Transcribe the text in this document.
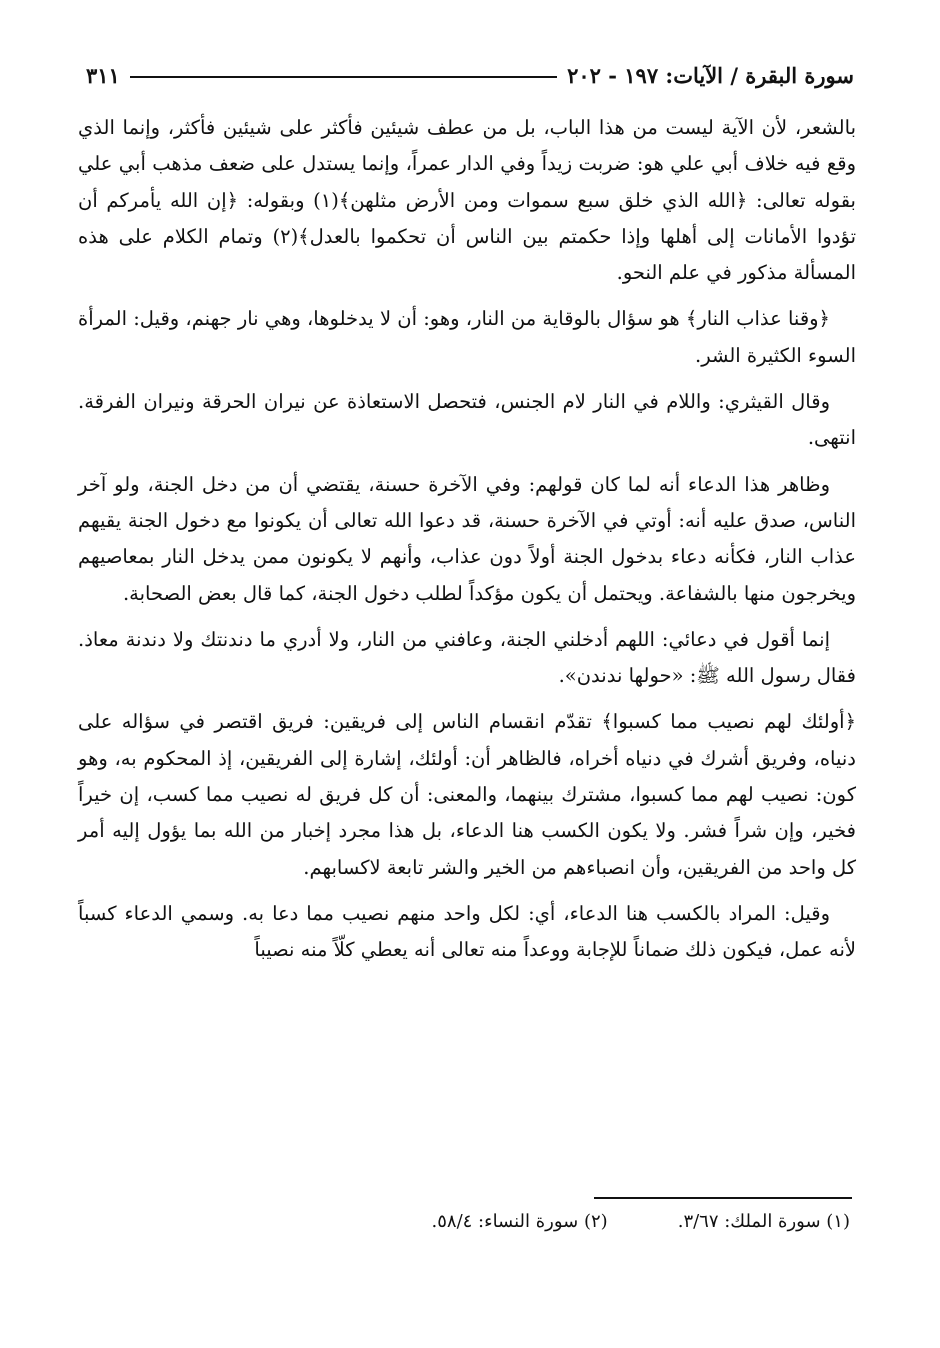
سورة البقرة / الآيات: ١٩٧ - ٢٠٢
٣١١

بالشعر، لأن الآية ليست من هذا الباب، بل من عطف شيئين فأكثر على شيئين فأكثر، وإنما الذي وقع فيه خلاف أبي علي هو: ضربت زيداً وفي الدار عمراً، وإنما يستدل على ضعف مذهب أبي علي بقوله تعالى: ﴿الله الذي خلق سبع سموات ومن الأرض مثلهن﴾(١) وبقوله: ﴿إن الله يأمركم أن تؤدوا الأمانات إلى أهلها وإذا حكمتم بين الناس أن تحكموا بالعدل﴾(٢) وتمام الكلام على هذه المسألة مذكور في علم النحو.

﴿وقنا عذاب النار﴾ هو سؤال بالوقاية من النار، وهو: أن لا يدخلوها، وهي نار جهنم، وقيل: المرأة السوء الكثيرة الشر.

وقال القيثري: واللام في النار لام الجنس، فتحصل الاستعاذة عن نيران الحرقة ونيران الفرقة. انتهى.

وظاهر هذا الدعاء أنه لما كان قولهم: وفي الآخرة حسنة، يقتضي أن من دخل الجنة، ولو آخر الناس، صدق عليه أنه: أوتي في الآخرة حسنة، قد دعوا الله تعالى أن يكونوا مع دخول الجنة يقيهم عذاب النار، فكأنه دعاء بدخول الجنة أولاً دون عذاب، وأنهم لا يكونون ممن يدخل النار بمعاصيهم ويخرجون منها بالشفاعة. ويحتمل أن يكون مؤكداً لطلب دخول الجنة، كما قال بعض الصحابة.

إنما أقول في دعائي: اللهم أدخلني الجنة، وعافني من النار، ولا أدري ما دندنتك ولا دندنة معاذ. فقال رسول الله ﷺ: «حولها ندندن».

﴿أولئك لهم نصيب مما كسبوا﴾ تقدّم انقسام الناس إلى فريقين: فريق اقتصر في سؤاله على دنياه، وفريق أشرك في دنياه أخراه، فالظاهر أن: أولئك، إشارة إلى الفريقين، إذ المحكوم به، وهو كون: نصيب لهم مما كسبوا، مشترك بينهما، والمعنى: أن كل فريق له نصيب مما كسب، إن خيراً فخير، وإن شراً فشر. ولا يكون الكسب هنا الدعاء، بل هذا مجرد إخبار من الله بما يؤول إليه أمر كل واحد من الفريقين، وأن انصباءهم من الخير والشر تابعة لاكسابهم.

وقيل: المراد بالكسب هنا الدعاء، أي: لكل واحد منهم نصيب مما دعا به. وسمي الدعاء كسباً لأنه عمل، فيكون ذلك ضماناً للإجابة ووعداً منه تعالى أنه يعطي كلّاً منه نصيباً

(١) سورة الملك: ٣/٦٧.
(٢) سورة النساء: ٥٨/٤.
